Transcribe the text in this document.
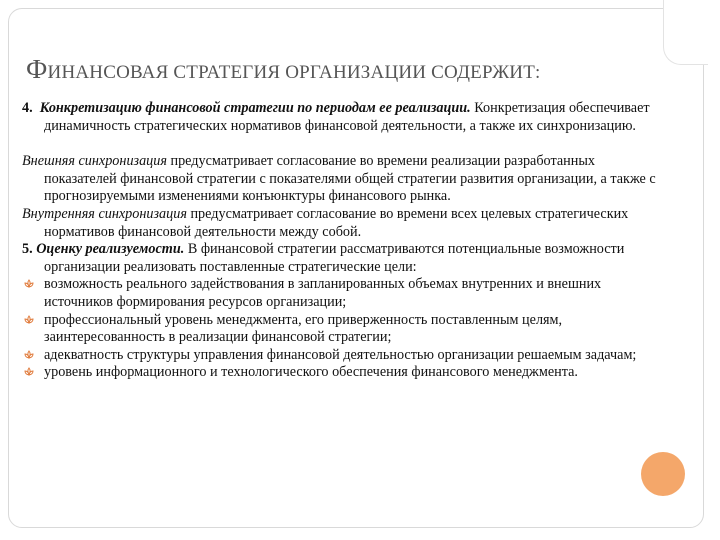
ФИНАНСОВАЯ СТРАТЕГИЯ ОРГАНИЗАЦИИ СОДЕРЖИТ:

4. Конкретизацию финансовой стратегии по периодам ее реализации. Конкретизация обеспечивает динамичность стратегических нормативов финансовой деятельности, а также их синхронизацию.

Внешняя синхронизация предусматривает согласование во времени реализации разработанных показателей финансовой стратегии с показателями общей стратегии развития организации, а также с прогнозируемыми изменениями конъюнктуры финансового рынка.

Внутренняя синхронизация предусматривает согласование во времени всех целевых стратегических нормативов финансовой деятельности между собой.

5. Оценку реализуемости. В финансовой стратегии рассматриваются потенциальные возможности организации реализовать поставленные стратегические цели:

возможность реального задействования в запланированных объемах внутренних и внешних источников формирования ресурсов организации;

профессиональный уровень менеджмента, его приверженность поставленным целям, заинтересованность в реализации финансовой стратегии;

адекватность структуры управления финансовой деятельностью организации решаемым задачам;

уровень информационного и технологического обеспечения финансового менеджмента.
